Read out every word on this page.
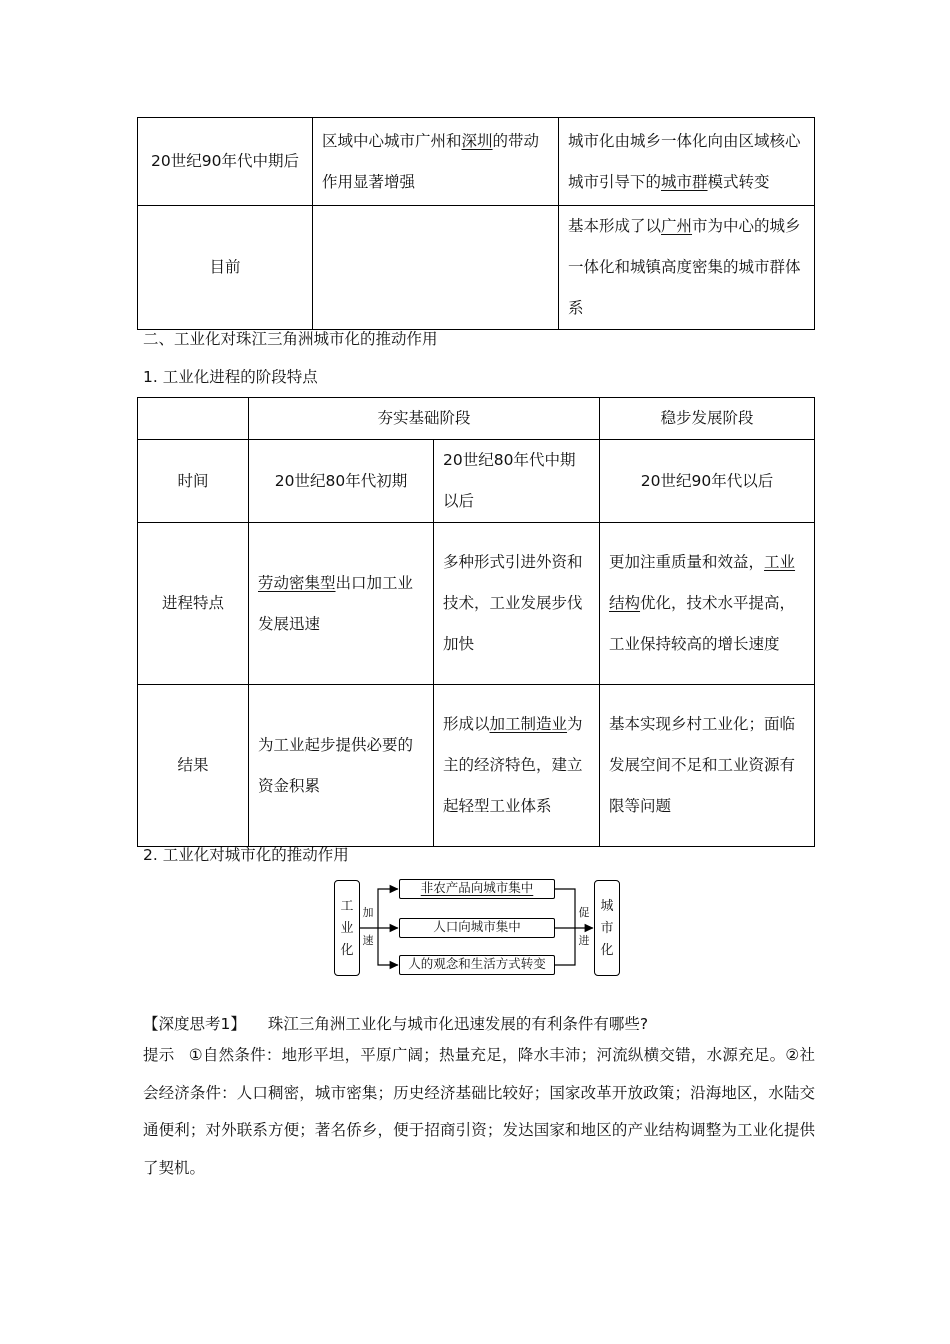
20世纪90年代中期后	区域中心城市广州和深圳的带动作用显著增强	城市化由城乡一体化向由区域核心城市引导下的城市群模式转变
目前		基本形成了以广州市为中心的城乡一体化和城镇高度密集的城市群体系
二、工业化对珠江三角洲城市化的推动作用
1. 工业化进程的阶段特点
	夯实基础阶段		稳步发展阶段
时间	20世纪80年代初期	20世纪80年代中期以后	20世纪90年代以后
进程特点	劳动密集型出口加工业发展迅速	多种形式引进外资和技术，工业发展步伐加快	更加注重质量和效益，工业结构优化，技术水平提高，工业保持较高的增长速度
结果	为工业起步提供必要的资金积累	形成以加工制造业为主的经济特色，建立起轻型工业体系	基本实现乡村工业化；面临发展空间不足和工业资源有限等问题
2. 工业化对城市化的推动作用
工
业
化
加
速
非农产品向城市集中
人口向城市集中
人的观念和生活方式转变
促
进
城
市
化
【深度思考1】 珠江三角洲工业化与城市化迅速发展的有利条件有哪些?
提示 ①自然条件：地形平坦，平原广阔；热量充足，降水丰沛；河流纵横交错，水源充足。②社会经济条件：人口稠密，城市密集；历史经济基础比较好；国家改革开放政策；沿海地区，水陆交通便利；对外联系方便；著名侨乡，便于招商引资；发达国家和地区的产业结构调整为工业化提供了契机。
